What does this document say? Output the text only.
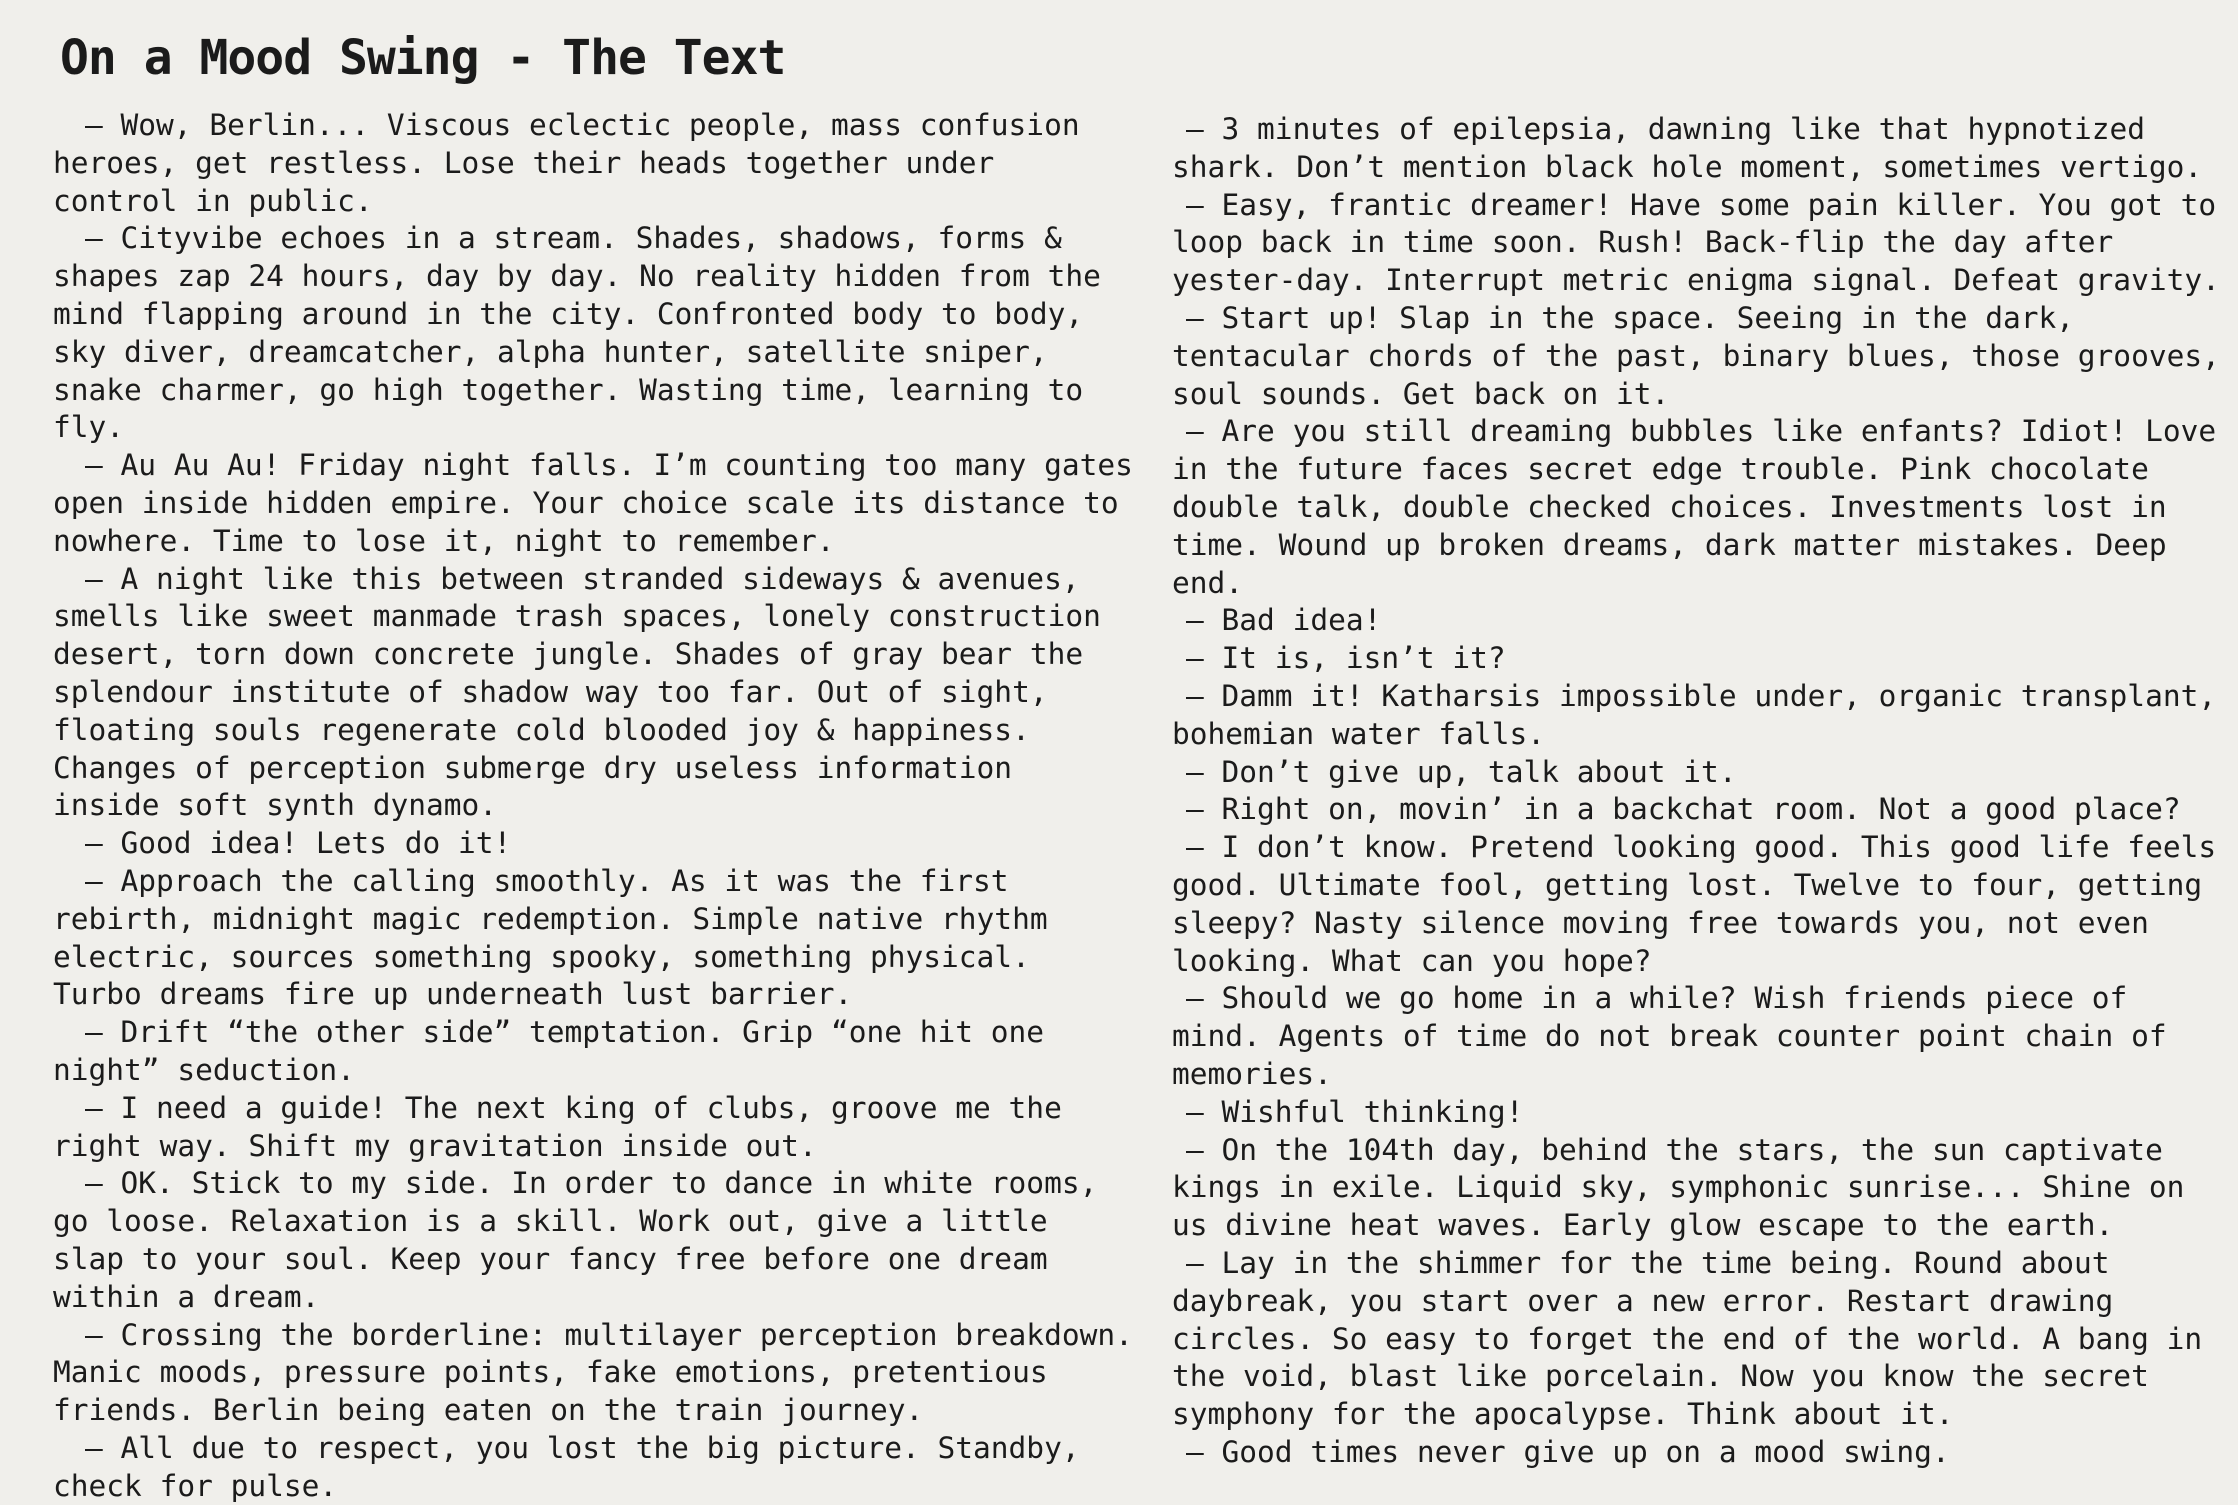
On a Mood Swing - The Text

— Wow, Berlin... Viscous eclectic people, mass confusion heroes, get restless. Lose their heads together under control in public.

— Cityvibe echoes in a stream. Shades, shadows, forms & shapes zap 24 hours, day by day. No reality hidden from the mind flapping around in the city. Confronted body to body, sky diver, dreamcatcher, alpha hunter, satellite sniper, snake charmer, go high together. Wasting time, learning to fly.

— Au Au Au! Friday night falls. I’m counting too many gates open inside hidden empire. Your choice scale its distance to nowhere. Time to lose it, night to remember.

— A night like this between stranded sideways & avenues, smells like sweet manmade trash spaces, lonely construction desert, torn down concrete jungle. Shades of gray bear the splendour institute of shadow way too far. Out of sight, floating souls regenerate cold blooded joy & happiness. Changes of perception submerge dry useless information inside soft synth dynamo.

— Good idea! Lets do it!

— Approach the calling smoothly. As it was the first rebirth, midnight magic redemption. Simple native rhythm electric, sources something spooky, something physical. Turbo dreams fire up underneath lust barrier.

— Drift “the other side” temptation. Grip “one hit one night” seduction.

— I need a guide! The next king of clubs, groove me the right way. Shift my gravitation inside out.

— OK. Stick to my side. In order to dance in white rooms, go loose. Relaxation is a skill. Work out, give a little slap to your soul. Keep your fancy free before one dream within a dream.

— Crossing the borderline: multilayer perception breakdown. Manic moods, pressure points, fake emotions, pretentious friends. Berlin being eaten on the train journey.

— All due to respect, you lost the big picture. Standby, check for pulse.

— 3 minutes of epilepsia, dawning like that hypnotized shark. Don’t mention black hole moment, sometimes vertigo.

— Easy, frantic dreamer! Have some pain killer. You got to loop back in time soon. Rush! Back-flip the day after yester-day. Interrupt metric enigma signal. Defeat gravity.

— Start up! Slap in the space. Seeing in the dark, tentacular chords of the past, binary blues, those grooves, soul sounds. Get back on it.

— Are you still dreaming bubbles like enfants? Idiot! Love in the future faces secret edge trouble. Pink chocolate double talk, double checked choices. Investments lost in time. Wound up broken dreams, dark matter mistakes. Deep end.

— Bad idea!

— It is, isn’t it?

— Damm it! Katharsis impossible under, organic transplant, bohemian water falls.

— Don’t give up, talk about it.

— Right on, movin’ in a backchat room. Not a good place?

— I don’t know. Pretend looking good. This good life feels good. Ultimate fool, getting lost. Twelve to four, getting sleepy? Nasty silence moving free towards you, not even looking. What can you hope?

— Should we go home in a while? Wish friends piece of mind. Agents of time do not break counter point chain of memories.

— Wishful thinking!

— On the 104th day, behind the stars, the sun captivate kings in exile. Liquid sky, symphonic sunrise... Shine on us divine heat waves. Early glow escape to the earth.

— Lay in the shimmer for the time being. Round about daybreak, you start over a new error. Restart drawing circles. So easy to forget the end of the world. A bang in the void, blast like porcelain. Now you know the secret symphony for the apocalypse. Think about it.

— Good times never give up on a mood swing.
